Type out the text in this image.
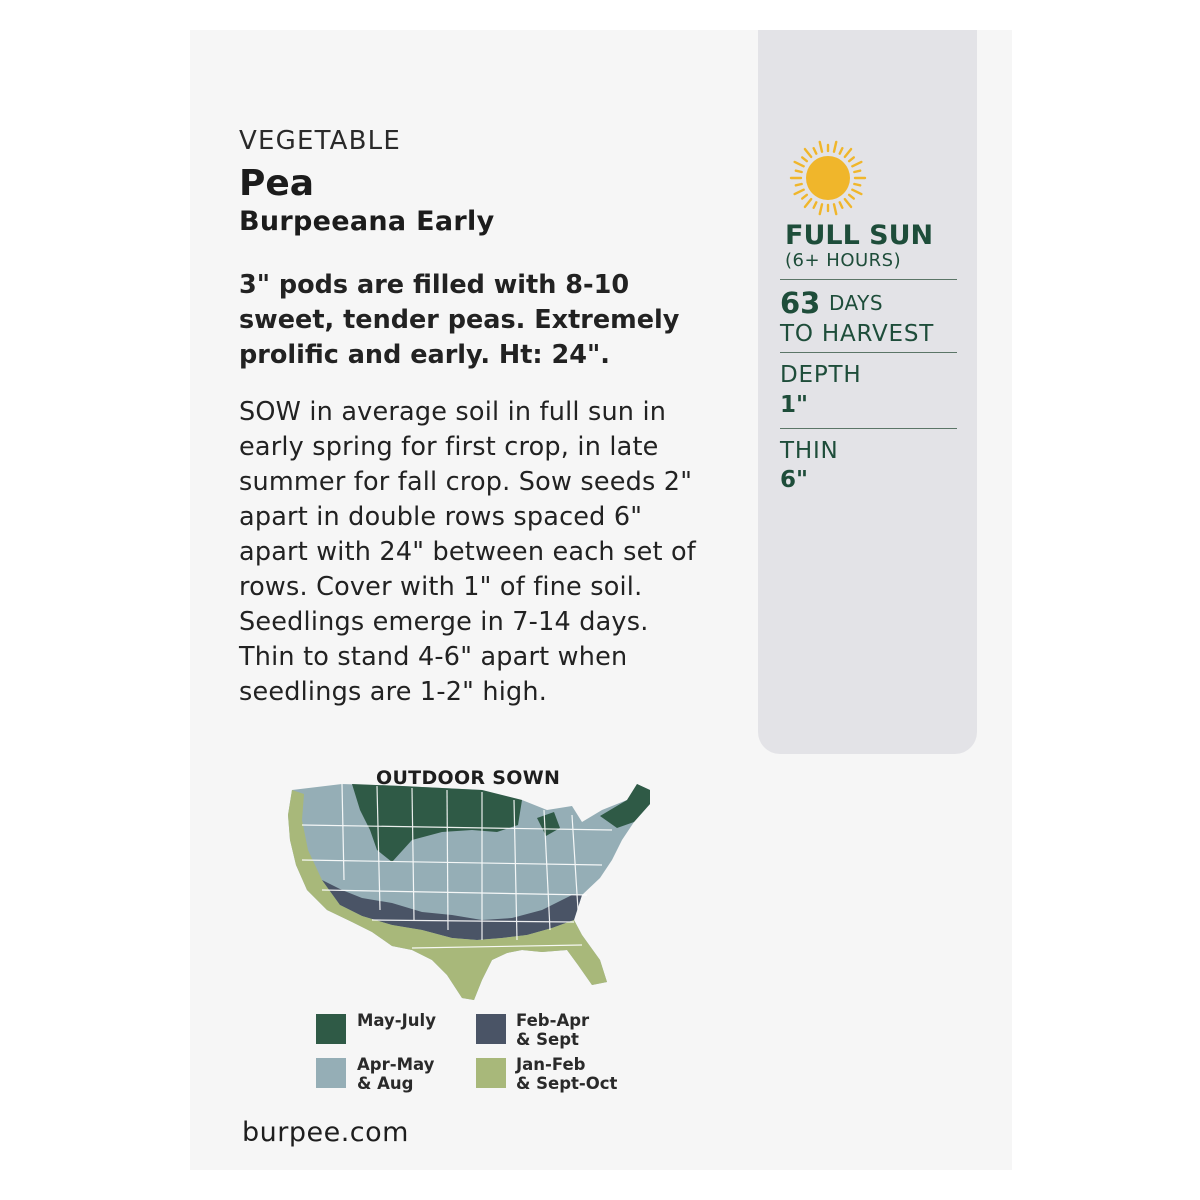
VEGETABLE
Pea
Burpeeana Early
3" pods are filled with 8-10 sweet, tender peas. Extremely prolific and early. Ht: 24".
SOW in average soil in full sun in early spring for first crop, in late summer for fall crop. Sow seeds 2" apart in double rows spaced 6" apart with 24" between each set of rows. Cover with 1" of fine soil. Seedlings emerge in 7-14 days. Thin to stand 4-6" apart when seedlings are 1-2" high.
FULL SUN
(6+ HOURS)
63 DAYS
TO HARVEST
DEPTH
1"
THIN
6"
OUTDOOR SOWN
May-July	Feb-Apr
& Sept
Apr-May
& Aug
Jan-Feb
& Sept-Oct
burpee.com
